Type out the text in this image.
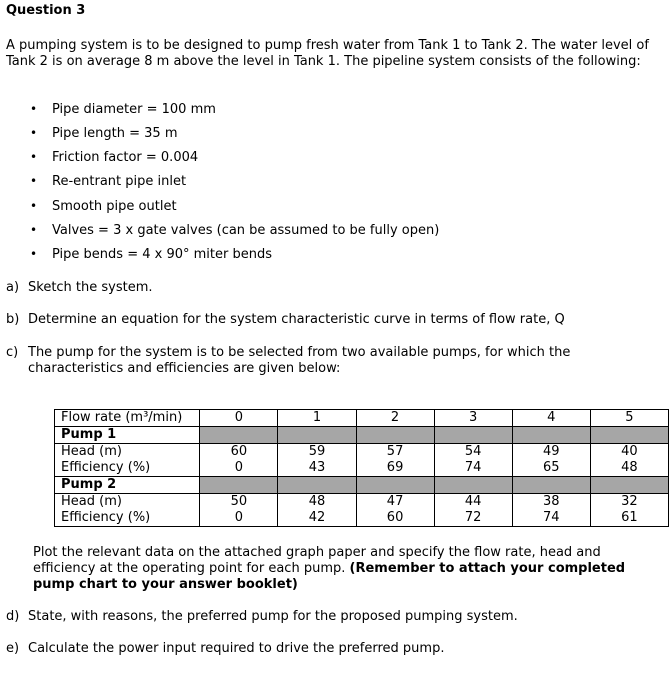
Question 3
A pumping system is to be designed to pump fresh water from Tank 1 to Tank 2. The water level of Tank 2 is on average 8 m above the level in Tank 1. The pipeline system consists of the following:
• Pipe diameter = 100 mm
• Pipe length = 35 m
• Friction factor = 0.004
• Re-entrant pipe inlet
• Smooth pipe outlet
• Valves = 3 x gate valves (can be assumed to be fully open)
• Pipe bends = 4 x 90° miter bends
a) Sketch the system.
b) Determine an equation for the system characteristic curve in terms of flow rate, Q
c) The pump for the system is to be selected from two available pumps, for which the characteristics and efficiencies are given below:
Flow rate (m³/min)	0	1	2	3	4	5
Pump 1						
Head (m)	60	59	57	54	49	40
Efficiency (%)	0	43	69	74	65	48
Pump 2						
Head (m)	50	48	47	44	38	32
Efficiency (%)	0	42	60	72	74	61
Plot the relevant data on the attached graph paper and specify the flow rate, head and efficiency at the operating point for each pump. (Remember to attach your completed pump chart to your answer booklet)
d) State, with reasons, the preferred pump for the proposed pumping system.
e) Calculate the power input required to drive the preferred pump.
